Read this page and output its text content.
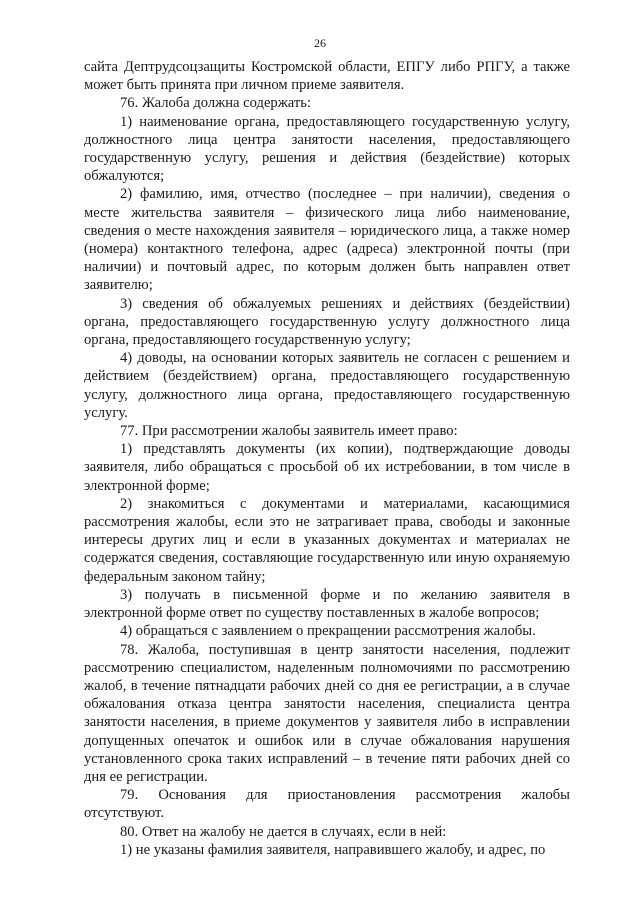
26

сайта Дептрудсоцзащиты Костромской области, ЕПГУ либо РПГУ, а также может быть принята при личном приеме заявителя.

76. Жалоба должна содержать:

1) наименование органа, предоставляющего государственную услугу, должностного лица центра занятости населения, предоставляющего государственную услугу, решения и действия (бездействие) которых обжалуются;

2) фамилию, имя, отчество (последнее – при наличии), сведения о месте жительства заявителя – физического лица либо наименование, сведения о месте нахождения заявителя – юридического лица, а также номер (номера) контактного телефона, адрес (адреса) электронной почты (при наличии) и почтовый адрес, по которым должен быть направлен ответ заявителю;

3) сведения об обжалуемых решениях и действиях (бездействии) органа, предоставляющего государственную услугу должностного лица органа, предоставляющего государственную услугу;

4) доводы, на основании которых заявитель не согласен с решением и действием (бездействием) органа, предоставляющего государственную услугу, должностного лица органа, предоставляющего государственную услугу.

77. При рассмотрении жалобы заявитель имеет право:

1) представлять документы (их копии), подтверждающие доводы заявителя, либо обращаться с просьбой об их истребовании, в том числе в электронной форме;

2) знакомиться с документами и материалами, касающимися рассмотрения жалобы, если это не затрагивает права, свободы и законные интересы других лиц и если в указанных документах и материалах не содержатся сведения, составляющие государственную или иную охраняемую федеральным законом тайну;

3) получать в письменной форме и по желанию заявителя в электронной форме ответ по существу поставленных в жалобе вопросов;

4) обращаться с заявлением о прекращении рассмотрения жалобы.

78. Жалоба, поступившая в центр занятости населения, подлежит рассмотрению специалистом, наделенным полномочиями по рассмотрению жалоб, в течение пятнадцати рабочих дней со дня ее регистрации, а в случае обжалования отказа центра занятости населения, специалиста центра занятости населения, в приеме документов у заявителя либо в исправлении допущенных опечаток и ошибок или в случае обжалования нарушения установленного срока таких исправлений – в течение пяти рабочих дней со дня ее регистрации.

79. Основания для приостановления рассмотрения жалобы отсутствуют.

80. Ответ на жалобу не дается в случаях, если в ней:

1) не указаны фамилия заявителя, направившего жалобу, и адрес, по
